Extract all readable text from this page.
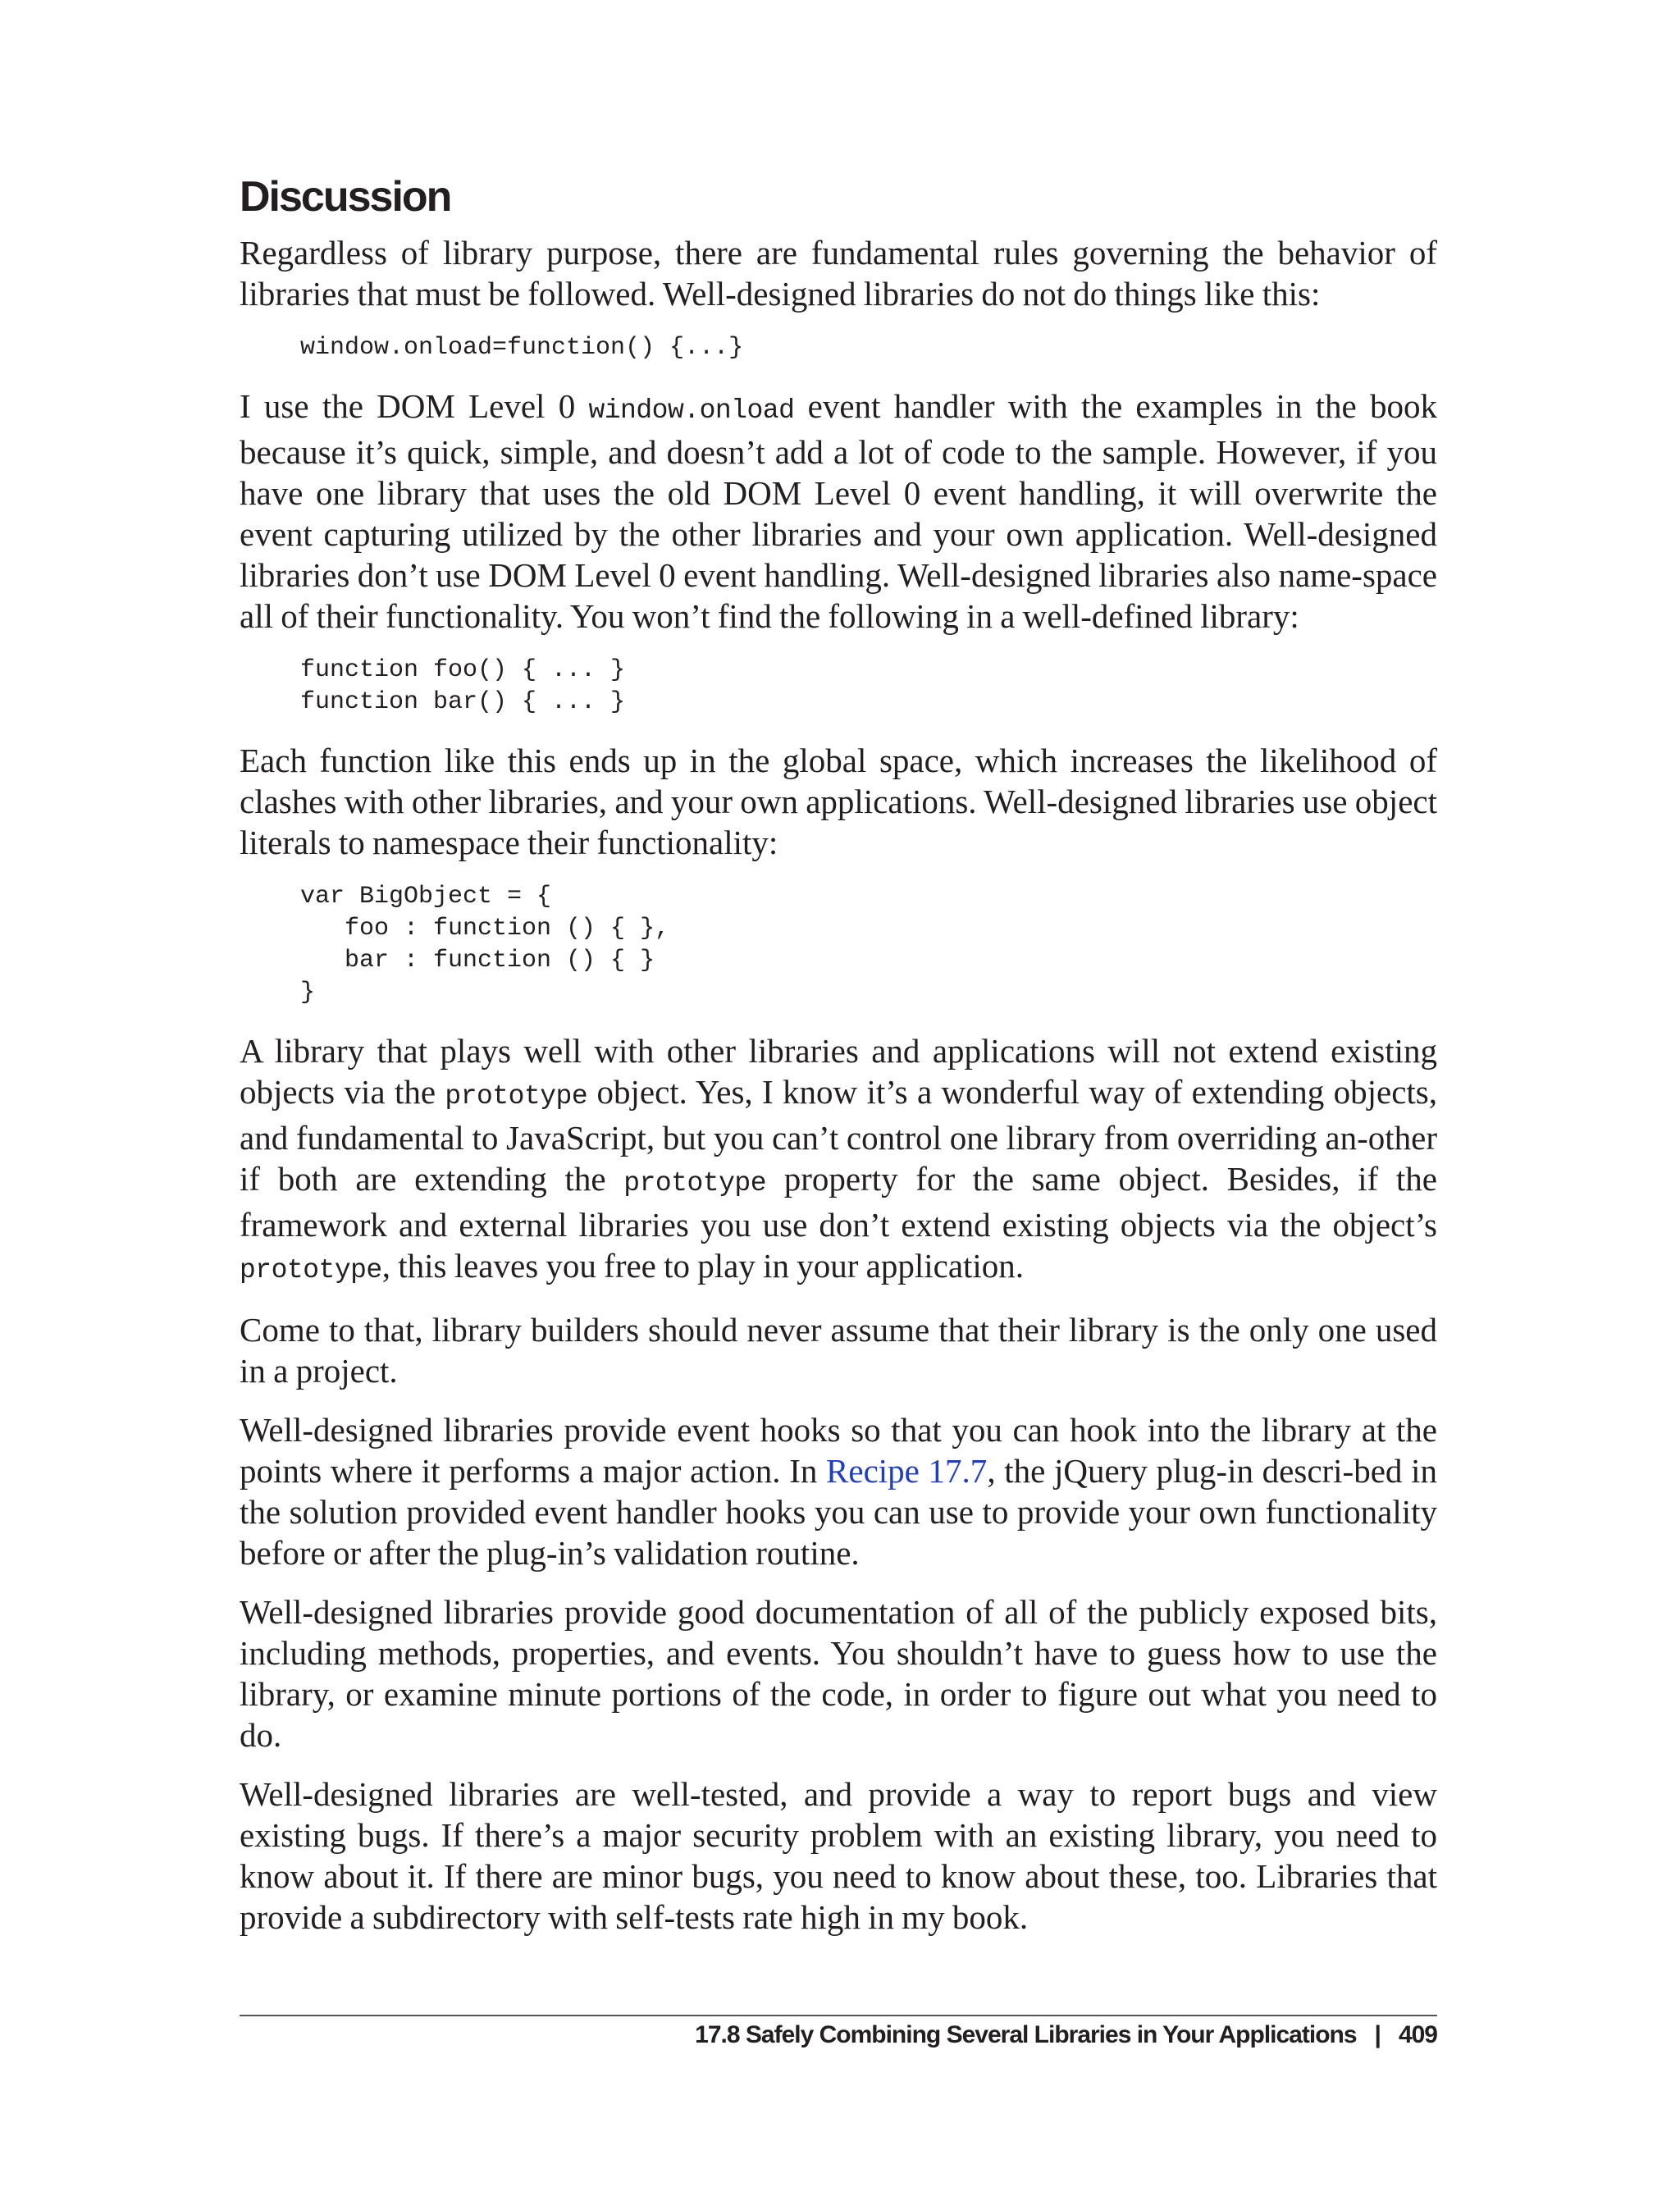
Discussion

Regardless of library purpose, there are fundamental rules governing the behavior of libraries that must be followed. Well-designed libraries do not do things like this:

window.onload=function() {...}

I use the DOM Level 0 window.onload event handler with the examples in the book because it’s quick, simple, and doesn’t add a lot of code to the sample. However, if you have one library that uses the old DOM Level 0 event handling, it will overwrite the event capturing utilized by the other libraries and your own application. Well-designed libraries don’t use DOM Level 0 event handling. Well-designed libraries also name-space all of their functionality. You won’t find the following in a well-defined library:

function foo() { ... }
function bar() { ... }

Each function like this ends up in the global space, which increases the likelihood of clashes with other libraries, and your own applications. Well-designed libraries use object literals to namespace their functionality:

var BigObject = {
foo : function () { },
bar : function () { }
}

A library that plays well with other libraries and applications will not extend existing objects via the prototype object. Yes, I know it’s a wonderful way of extending objects, and fundamental to JavaScript, but you can’t control one library from overriding an-other if both are extending the prototype property for the same object. Besides, if the framework and external libraries you use don’t extend existing objects via the object’s prototype, this leaves you free to play in your application.

Come to that, library builders should never assume that their library is the only one used in a project.

Well-designed libraries provide event hooks so that you can hook into the library at the points where it performs a major action. In Recipe 17.7, the jQuery plug-in descri-bed in the solution provided event handler hooks you can use to provide your own functionality before or after the plug-in’s validation routine.

Well-designed libraries provide good documentation of all of the publicly exposed bits, including methods, properties, and events. You shouldn’t have to guess how to use the library, or examine minute portions of the code, in order to figure out what you need to do.

Well-designed libraries are well-tested, and provide a way to report bugs and view existing bugs. If there’s a major security problem with an existing library, you need to know about it. If there are minor bugs, you need to know about these, too. Libraries that provide a subdirectory with self-tests rate high in my book.

17.8 Safely Combining Several Libraries in Your Applications | 409
